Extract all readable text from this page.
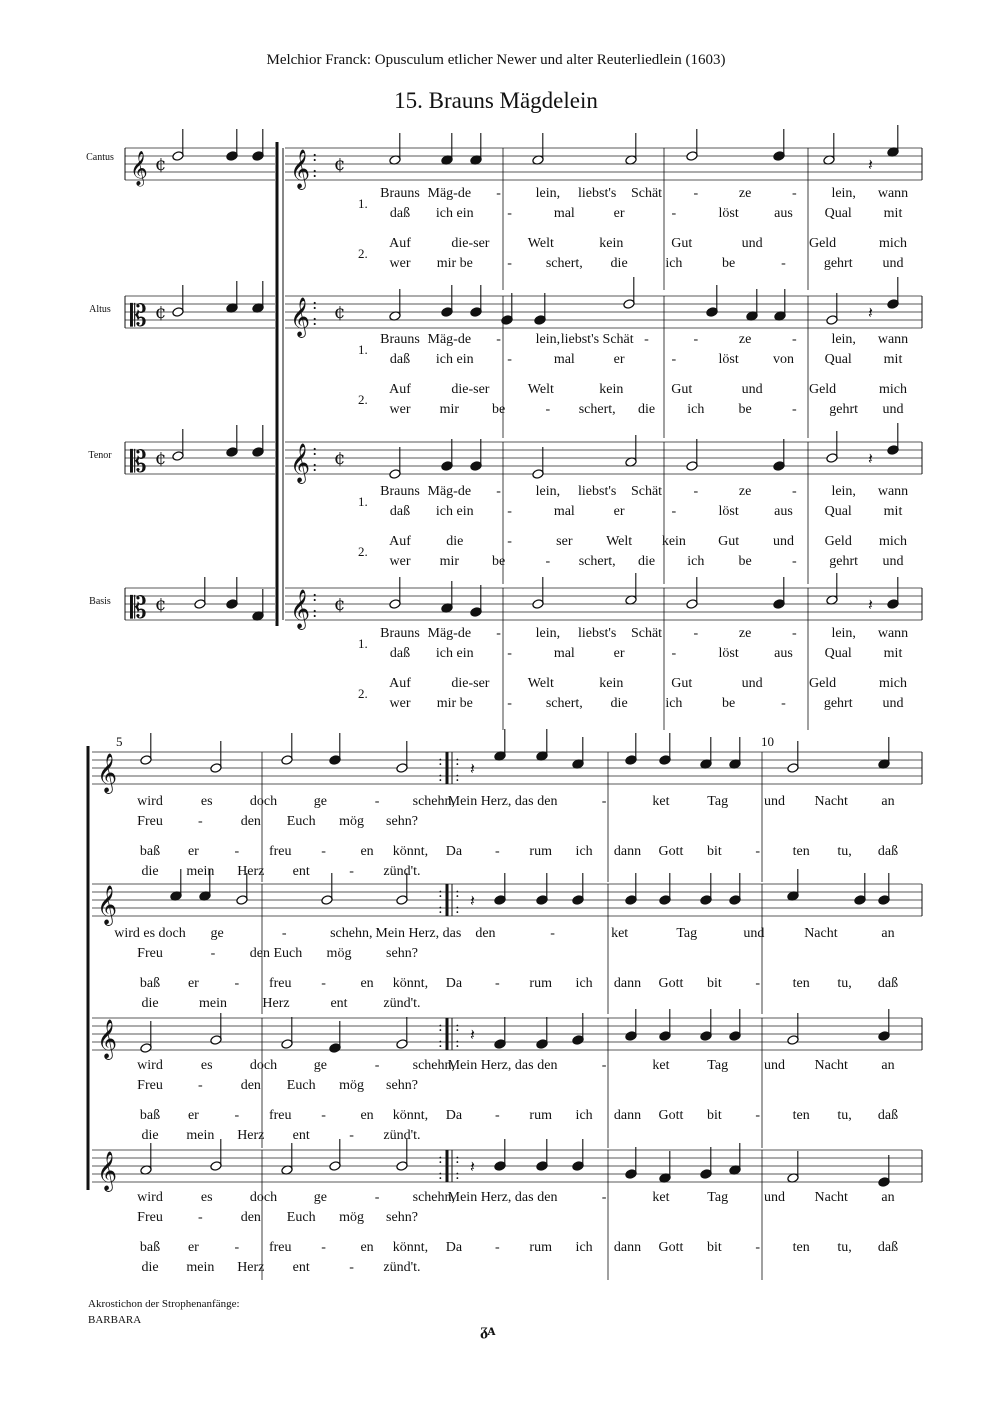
Melchior Franck: Opusculum etlicher Newer und alter Reuterliedlein (1603)
15. Brauns Mägdelein
Cantus
Altus
Tenor
Basis
5	10
𝄞	𝄞
¢	¢
:
:
𝄡	𝄞
¢	¢
:
:
𝄡	𝄞
¢	¢
:
:
𝄡	𝄞
¢	¢
:
:
𝄽
𝄽
𝄽
𝄽
𝄞	: :
: : 𝄽
𝄞	: :
: : 𝄽
𝄞	: :
: : 𝄽
𝄞	: :
: : 𝄽
Brauns Mäg-de - lein, liebst's Schät -	ze	- lein, wann
daß ich ein -	mal	er	-	löst	aus Qual mit
Auf	die-ser	Welt	kein	Gut	und	Geld	mich
wer mir be - schert, die	ich	be	-	gehrt und
1.
2.
Brauns Mäg-de - lein, liebst's Schät -	-	ze	- lein, wann
daß ich ein -	mal	er	-	löst von Qual mit
Auf	die-ser	Welt	kein	Gut	und	Geld	mich
wer mir be	- schert, die ich be	- gehrt und
1.
2.
Brauns Mäg-de - lein, liebst's Schät -	ze	- lein, wann
daß ich ein -	mal	er	-	löst	aus Qual mit
Auf	die	-	ser Welt kein Gut und Geld mich
wer mir be	- schert, die ich be	- gehrt und
1.
2.
Brauns Mäg-de - lein, liebst's Schät -	ze	- lein, wann
daß ich ein -	mal	er	-	löst	aus Qual mit
Auf	die-ser	Welt	kein	Gut	und	Geld	mich
wer mir be - schert, die	ich	be	-	gehrt und
1.
2.
wird	es	doch	ge	- schehn,
Mein Herz, das den	-	ket	Tag	und Nacht an
Freu	-	den Euch mög sehn?
baß er	- freu - en könnt, Da - rum ich dann Gott bit - ten tu, daß
die mein Herz ent	- zünd't.
wird es doch ge	-	schehn, Mein Herz, das den	-	ket	Tag	und	Nacht	an
Freu	- den Euch mög sehn?
baß er	- freu - en könnt, Da - rum ich dann Gott bit - ten tu, daß
die	mein	Herz	ent	zünd't.
wird	es	doch	ge	- schehn,
Mein Herz, das den	-	ket	Tag	und Nacht an
Freu	-	den Euch mög sehn?
baß er	- freu - en könnt, Da - rum ich dann Gott bit - ten tu, daß
die mein Herz ent	- zünd't.
wird	es	doch	ge	- schehn,
Mein Herz, das den	-	ket	Tag	und Nacht an
Freu	-	den Euch mög sehn?
baß er	- freu - en könnt, Da - rum ich dann Gott bit - ten tu, daß
die mein Herz ent	- zünd't.
Akrostichon der Strophenanfänge:
BARBARA
ᵹᴀ
